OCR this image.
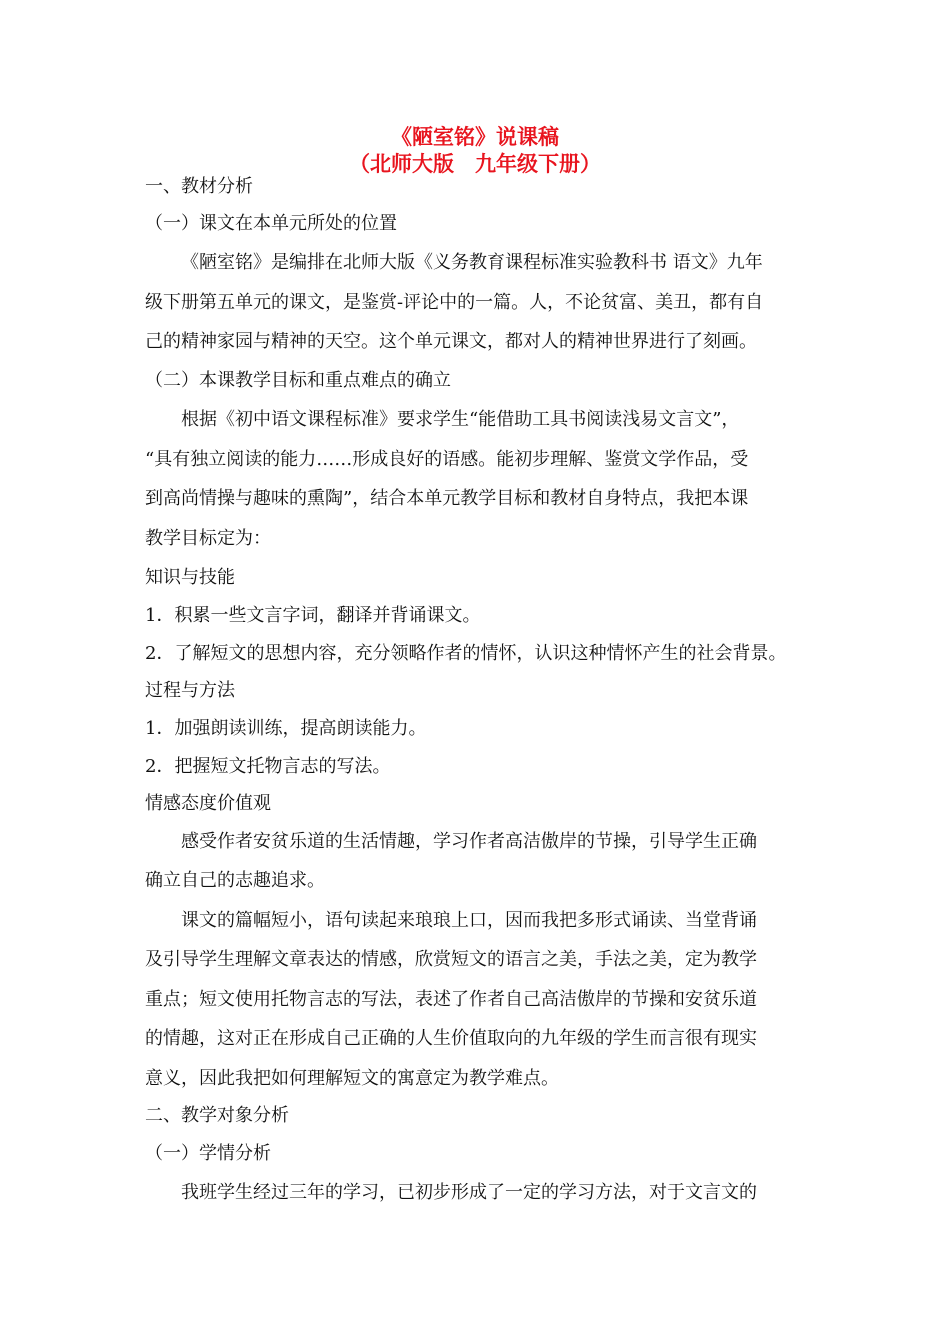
《陋室铭》说课稿
（北师大版　九年级下册）
一、教材分析
（一）课文在本单元所处的位置
《陋室铭》是编排在北师大版《义务教育课程标准实验教科书 语文》九年
级下册第五单元的课文，是鉴赏-评论中的一篇。人，不论贫富、美丑，都有自
己的精神家园与精神的天空。这个单元课文，都对人的精神世界进行了刻画。
（二）本课教学目标和重点难点的确立
根据《初中语文课程标准》要求学生“能借助工具书阅读浅易文言文”，
“具有独立阅读的能力……形成良好的语感。能初步理解、鉴赏文学作品，受
到高尚情操与趣味的熏陶”，结合本单元教学目标和教材自身特点，我把本课
教学目标定为：
知识与技能
1．积累一些文言字词，翻译并背诵课文。
2．了解短文的思想内容，充分领略作者的情怀，认识这种情怀产生的社会背景。
过程与方法
1．加强朗读训练，提高朗读能力。
2．把握短文托物言志的写法。
情感态度价值观
感受作者安贫乐道的生活情趣，学习作者高洁傲岸的节操，引导学生正确
确立自己的志趣追求。
课文的篇幅短小，语句读起来琅琅上口，因而我把多形式诵读、当堂背诵
及引导学生理解文章表达的情感，欣赏短文的语言之美，手法之美，定为教学
重点；短文使用托物言志的写法，表述了作者自己高洁傲岸的节操和安贫乐道
的情趣，这对正在形成自己正确的人生价值取向的九年级的学生而言很有现实
意义，因此我把如何理解短文的寓意定为教学难点。
二、教学对象分析
（一）学情分析
我班学生经过三年的学习，已初步形成了一定的学习方法，对于文言文的
